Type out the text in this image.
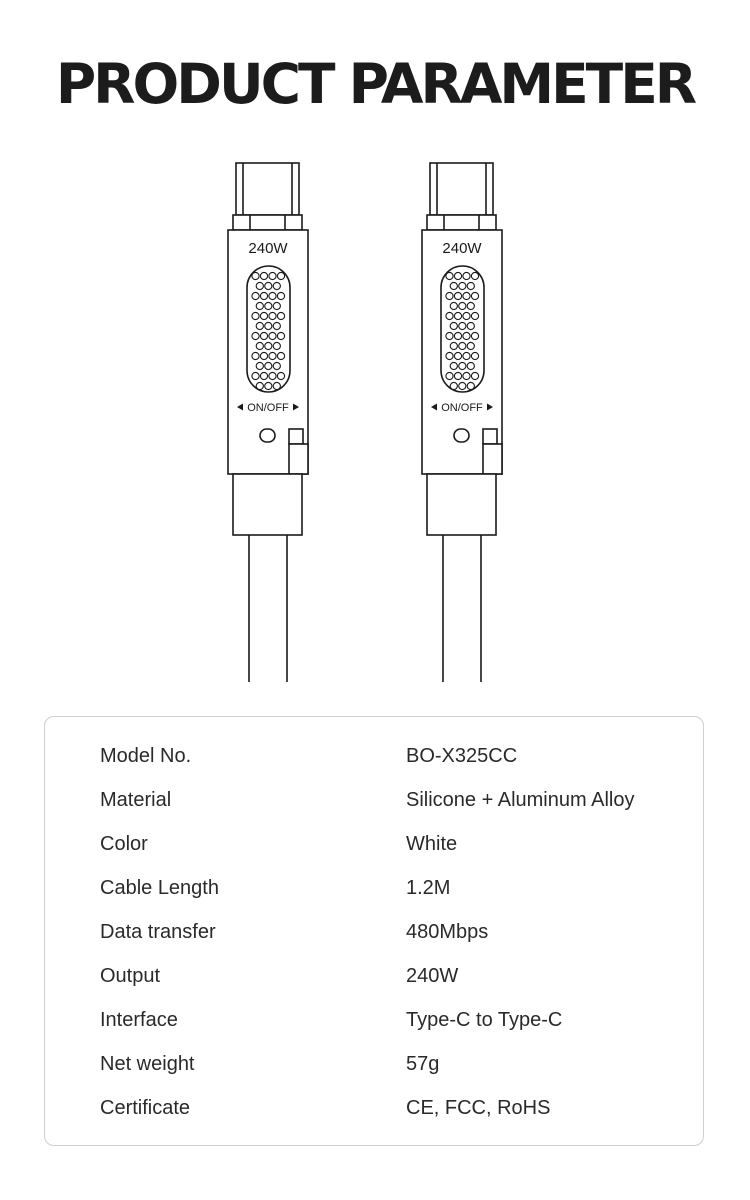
PRODUCT PARAMETER
240W
ON/OFF
240W
ON/OFF
Model No.	BO-X325CC
Material	Silicone + Aluminum Alloy
Color	White
Cable Length	1.2M
Data transfer	480Mbps
Output	240W
Interface	Type-C to Type-C
Net weight	57g
Certificate	CE, FCC, RoHS
